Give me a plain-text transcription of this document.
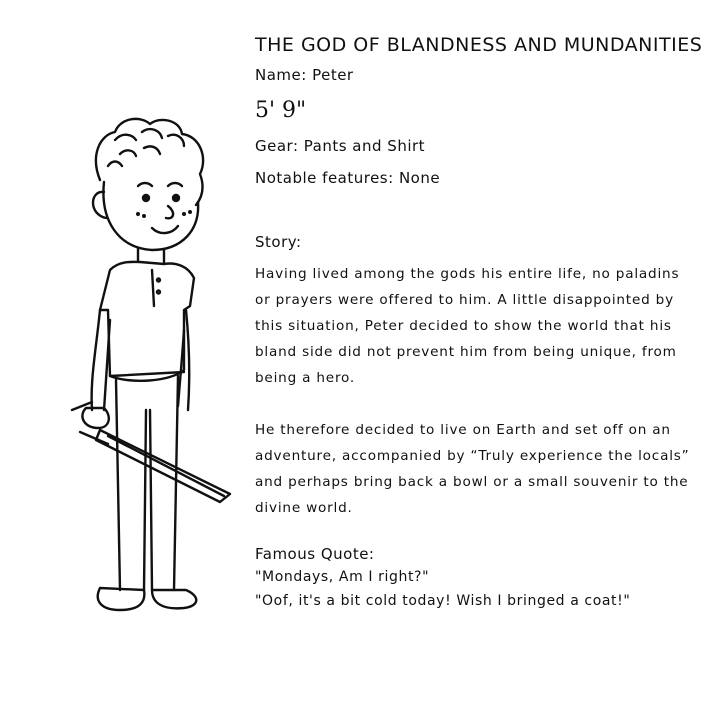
THE GOD OF BLANDNESS AND MUNDANITIES

Name: Peter

5' 9"

Gear: Pants and Shirt

Notable features: None

Story:

Having lived among the gods his entire life, no paladins or prayers were offered to him. A little disappointed by this situation, Peter decided to show the world that his bland side did not prevent him from being unique, from being a hero.

He therefore decided to live on Earth and set off on an adventure, accompanied by “Truly experience the locals” and perhaps bring back a bowl or a small souvenir to the divine world.

Famous Quote:

"Mondays, Am I right?"

"Oof, it's a bit cold today! Wish I bringed a coat!"
